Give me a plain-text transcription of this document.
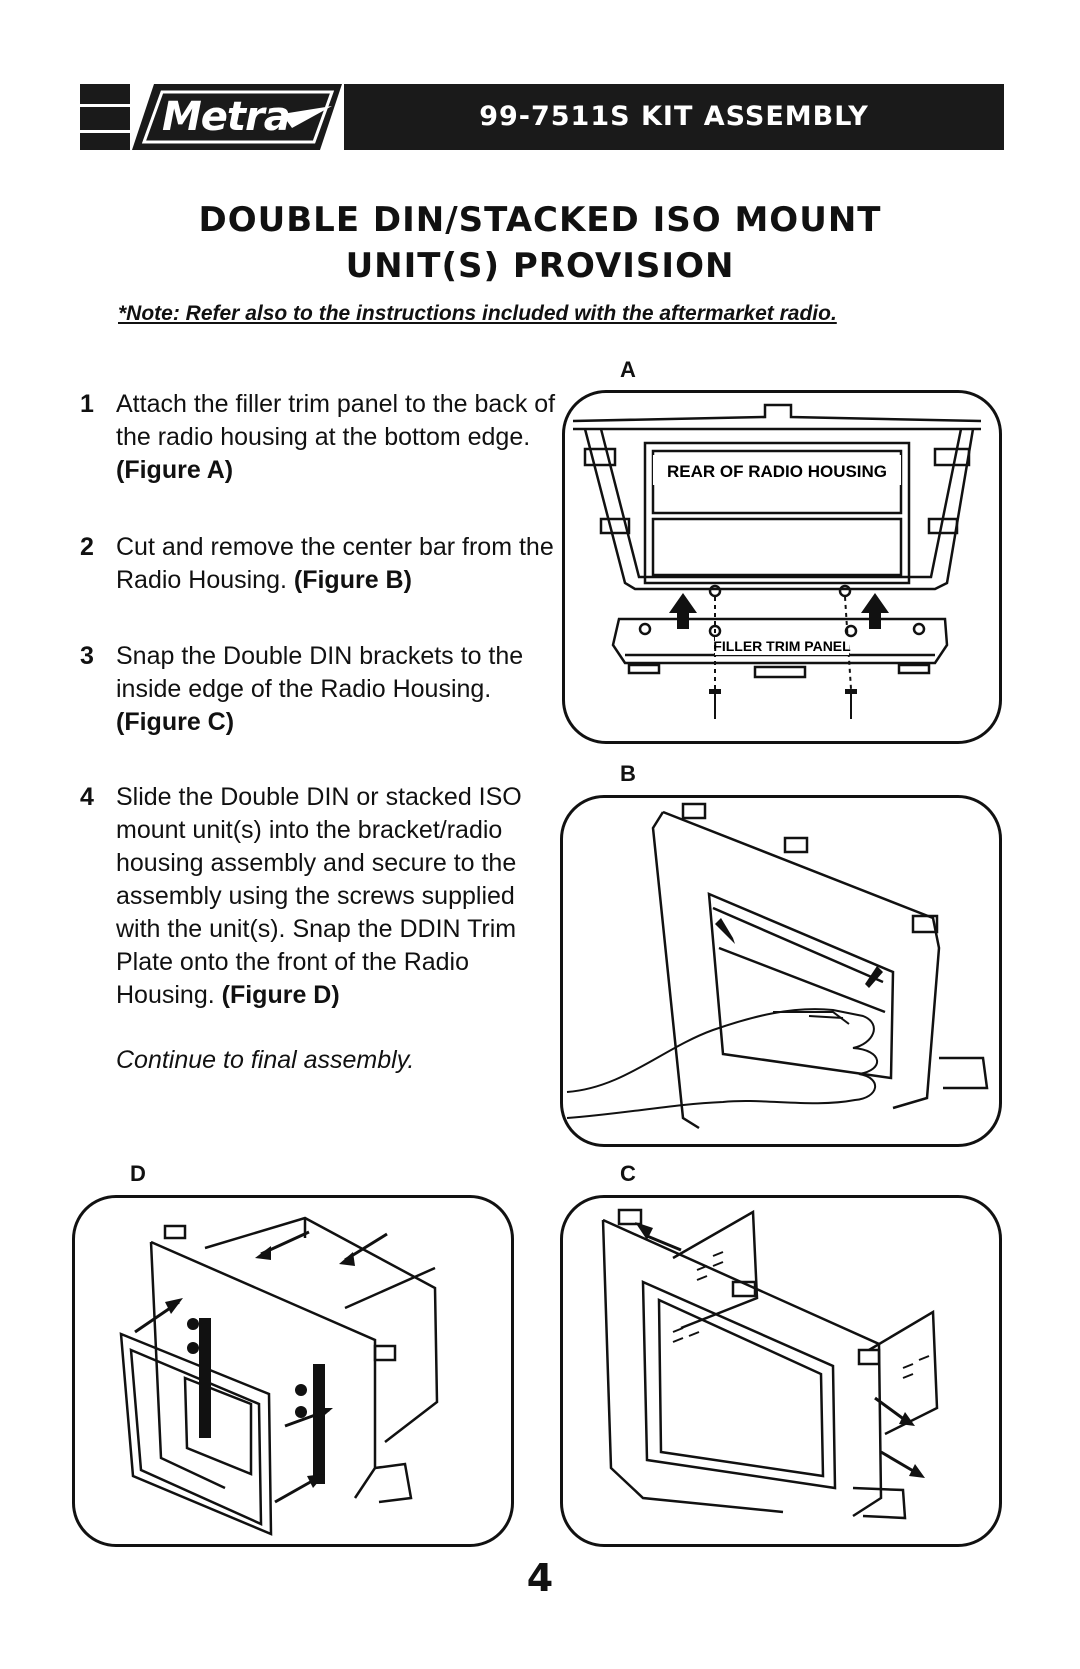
Metra	99-7511S KIT ASSEMBLY
DOUBLE DIN/STACKED ISO MOUNT
UNIT(S) PROVISION
*Note: Refer also to the instructions included with the aftermarket radio.
1 Attach the filler trim panel to the back of the radio housing at the bottom edge. (Figure A)
2 Cut and remove the center bar from the Radio Housing. (Figure B)
3 Snap the Double DIN brackets to the inside edge of the Radio Housing. (Figure C)
4 Slide the Double DIN or stacked ISO mount unit(s) into the bracket/radio housing assembly and secure to the assembly using the screws supplied with the unit(s). Snap the DDIN Trim Plate onto the front of the Radio Housing. (Figure D)
Continue to final assembly.
A
REAR OF RADIO HOUSING
FILLER TRIM PANEL
B
D	C
4
